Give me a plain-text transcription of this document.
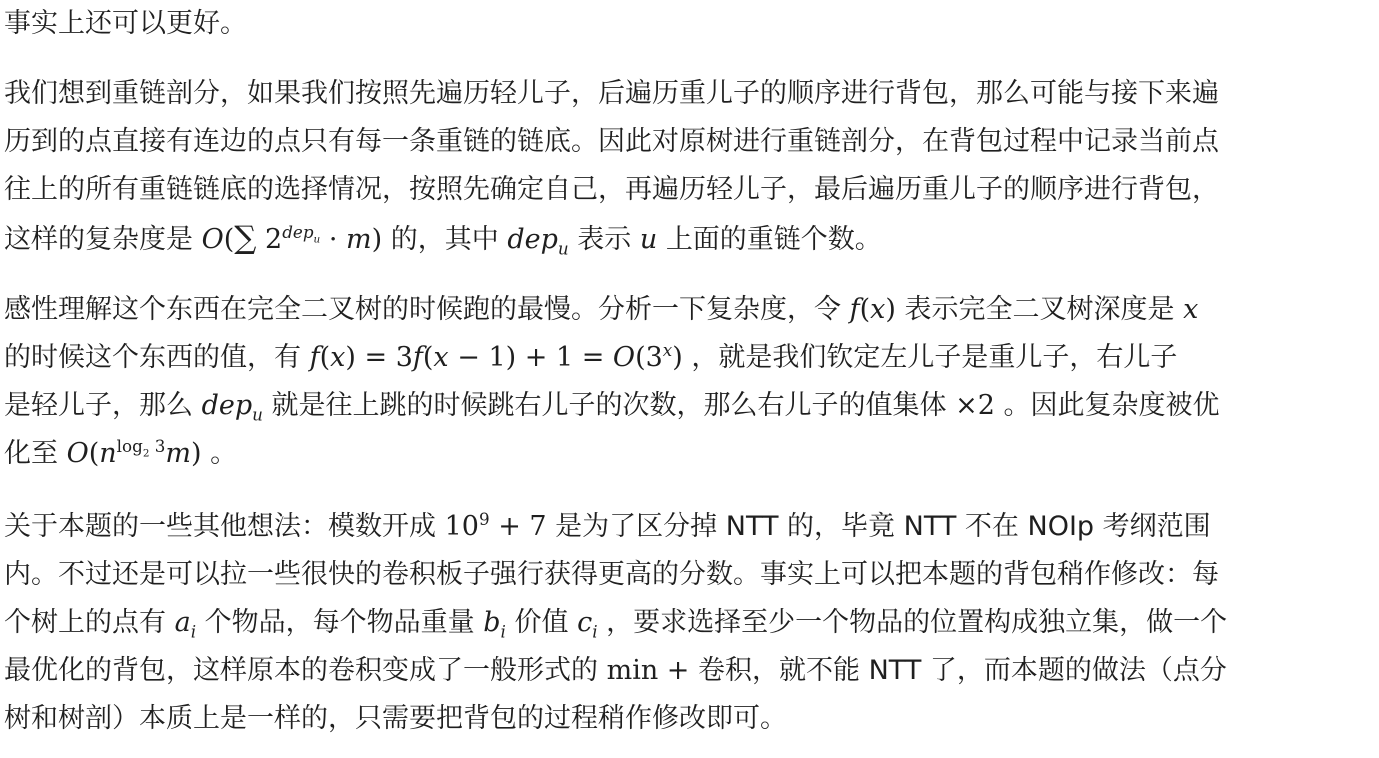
事实上还可以更好。

我们想到重链剖分，如果我们按照先遍历轻儿子，后遍历重儿子的顺序进行背包，那么可能与接下来遍
历到的点直接有连边的点只有每一条重链的链底。因此对原树进行重链剖分，在背包过程中记录当前点
往上的所有重链链底的选择情况，按照先确定自己，再遍历轻儿子，最后遍历重儿子的顺序进行背包，
这样的复杂度是 O(∑ $2^{dep_u} \cdot m$) 的，其中 dep$_u$ 表示 u 上面的重链个数。

感性理解这个东西在完全二叉树的时候跑的最慢。分析一下复杂度，令 f(x) 表示完全二叉树深度是 x
的时候这个东西的值，有 $f(x) = 3f(x - 1) + 1 = O(3^x)$ ，就是我们钦定左儿子是重儿子，右儿子
是轻儿子，那么 dep$_u$ 就是往上跳的时候跳右儿子的次数，那么右儿子的值集体 ×2 。因此复杂度被优
化至 $O(n^{log_2 3}m)$ 。

关于本题的一些其他想法：模数开成 $10^9 + 7$ 是为了区分掉 NTT 的，毕竟 NTT 不在 NOIp 考纲范围
内。不过还是可以拉一些很快的卷积板子强行获得更高的分数。事实上可以把本题的背包稍作修改：每
个树上的点有 $a_i$ 个物品，每个物品重量 $b_i$ 价值 $c_i$ ，要求选择至少一个物品的位置构成独立集，做一个
最优化的背包，这样原本的卷积变成了一般形式的 min + 卷积，就不能 NTT 了，而本题的做法（点分
树和树剖）本质上是一样的，只需要把背包的过程稍作修改即可。
